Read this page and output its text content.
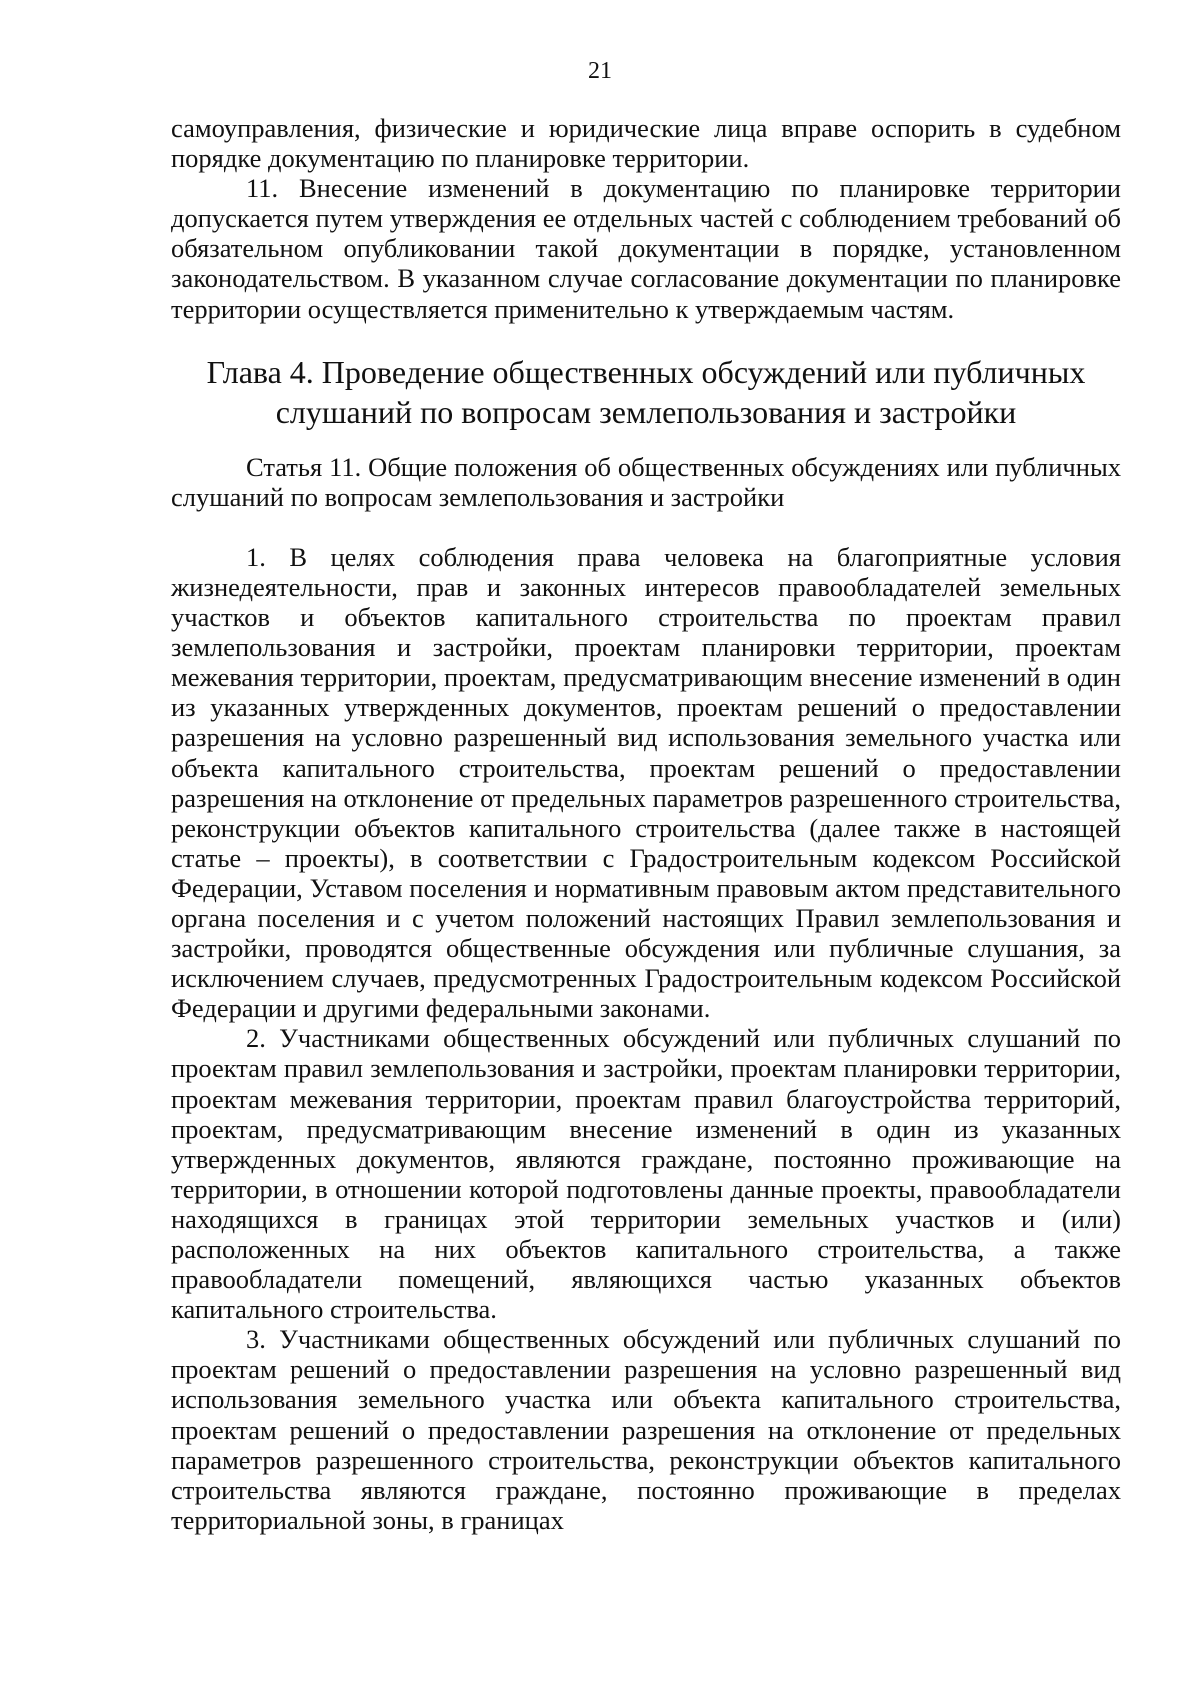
21

самоуправления, физические и юридические лица вправе оспорить в судебном порядке документацию по планировке территории.

11. Внесение изменений в документацию по планировке территории допускается путем утверждения ее отдельных частей с соблюдением требований об обязательном опубликовании такой документации в порядке, установленном законодательством. В указанном случае согласование документации по планировке территории осуществляется применительно к утверждаемым частям.

Глава 4. Проведение общественных обсуждений или публичных слушаний по вопросам землепользования и застройки
Статья 11. Общие положения об общественных обсуждениях или публичных слушаний по вопросам землепользования и застройки

1. В целях соблюдения права человека на благоприятные условия жизнедеятельности, прав и законных интересов правообладателей земельных участков и объектов капитального строительства по проектам правил землепользования и застройки, проектам планировки территории, проектам межевания территории, проектам, предусматривающим внесение изменений в один из указанных утвержденных документов, проектам решений о предоставлении разрешения на условно разрешенный вид использования земельного участка или объекта капитального строительства, проектам решений о предоставлении разрешения на отклонение от предельных параметров разрешенного строительства, реконструкции объектов капитального строительства (далее также в настоящей статье – проекты), в соответствии с Градостроительным кодексом Российской Федерации, Уставом поселения и нормативным правовым актом представительного органа поселения и с учетом положений настоящих Правил землепользования и застройки, проводятся общественные обсуждения или публичные слушания, за исключением случаев, предусмотренных Градостроительным кодексом Российской Федерации и другими федеральными законами.

2. Участниками общественных обсуждений или публичных слушаний по проектам правил землепользования и застройки, проектам планировки территории, проектам межевания территории, проектам правил благоустройства территорий, проектам, предусматривающим внесение изменений в один из указанных утвержденных документов, являются граждане, постоянно проживающие на территории, в отношении которой подготовлены данные проекты, правообладатели находящихся в границах этой территории земельных участков и (или) расположенных на них объектов капитального строительства, а также правообладатели помещений, являющихся частью указанных объектов капитального строительства.

3. Участниками общественных обсуждений или публичных слушаний по проектам решений о предоставлении разрешения на условно разрешенный вид использования земельного участка или объекта капитального строительства, проектам решений о предоставлении разрешения на отклонение от предельных параметров разрешенного строительства, реконструкции объектов капитального строительства являются граждане, постоянно проживающие в пределах территориальной зоны, в границах
